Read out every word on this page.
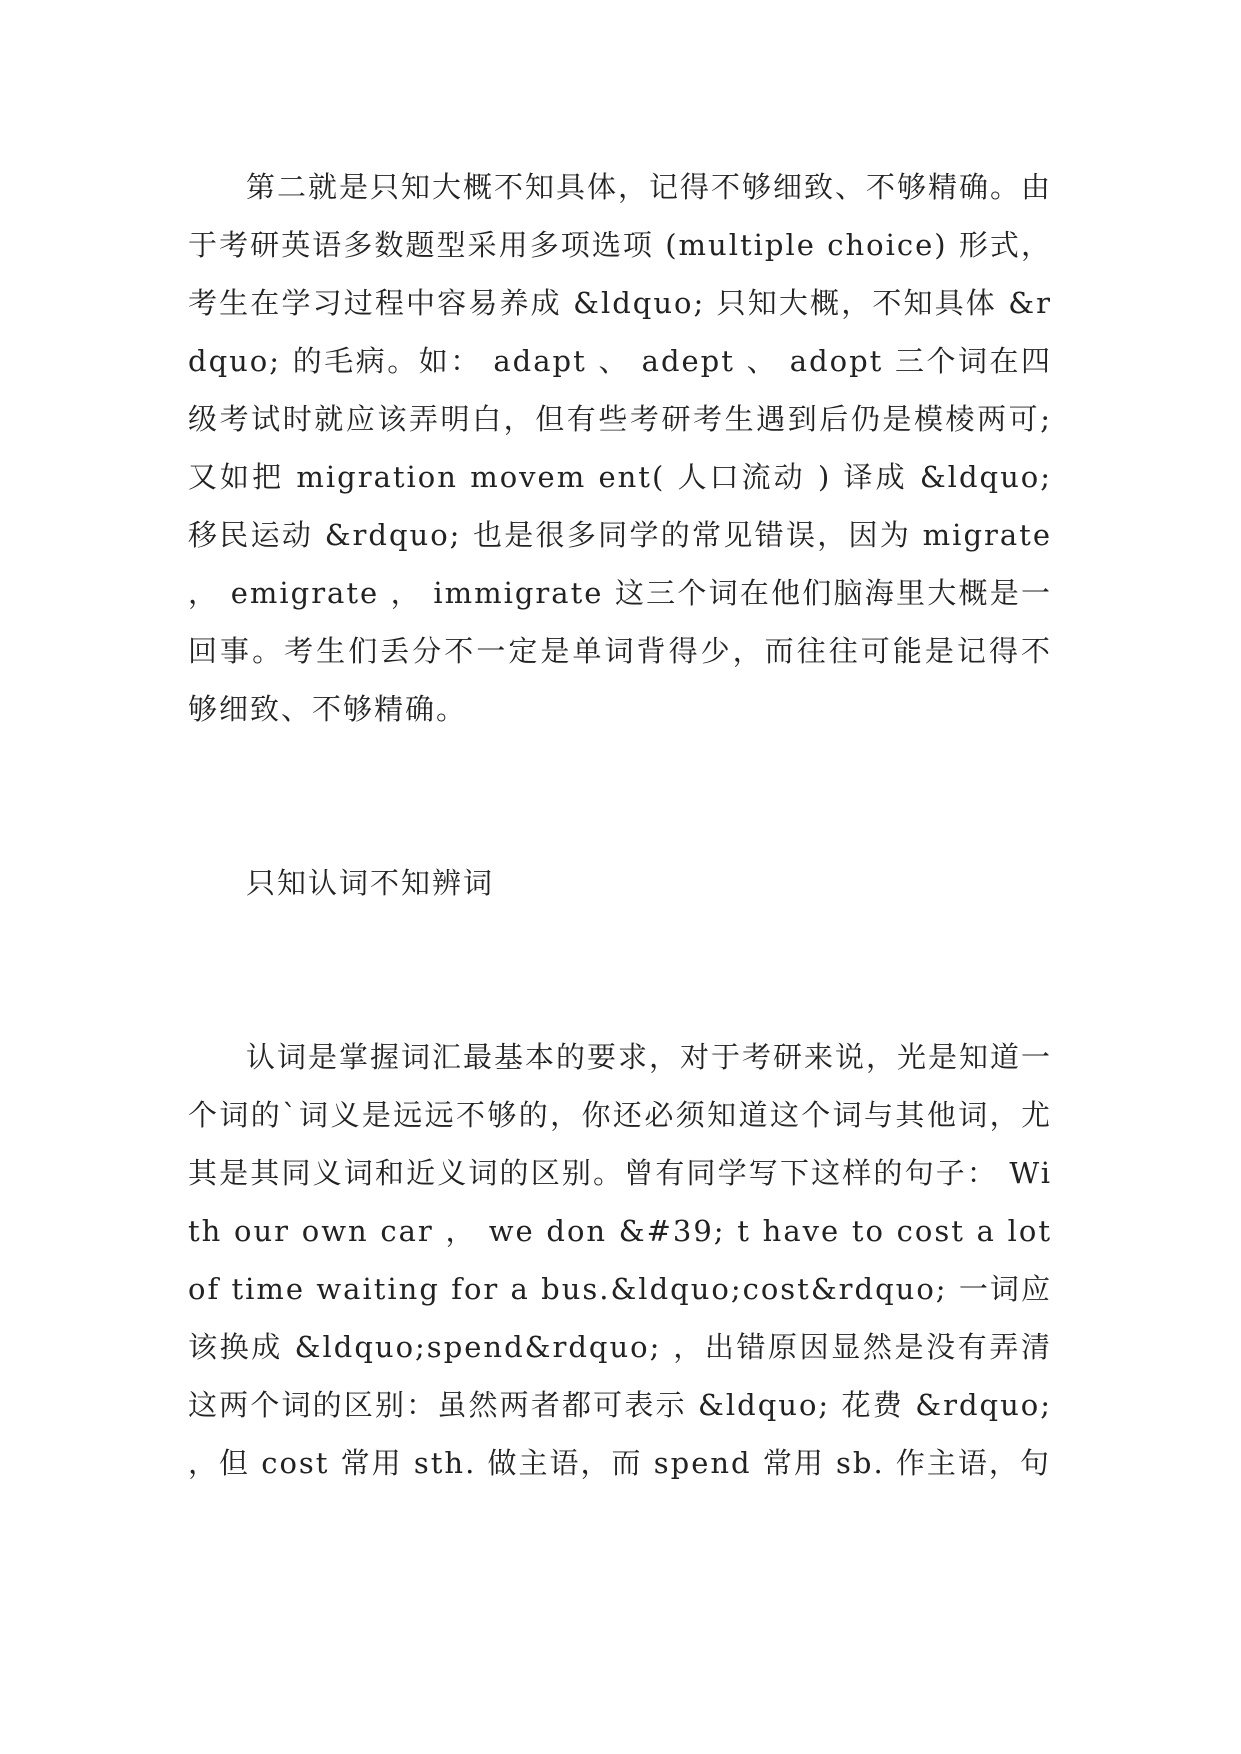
第二就是只知大概不知具体，记得不够细致、不够精确。由于考研英语多数题型采用多项选项 (multiple choice) 形式，考生在学习过程中容易养成 &ldquo; 只知大概，不知具体 &rdquo; 的毛病。如： adapt 、 adept 、 adopt 三个词在四级考试时就应该弄明白，但有些考研考生遇到后仍是模棱两可;又如把 migration movem ent( 人口流动 ) 译成 &ldquo; 移民运动 &rdquo; 也是很多同学的常见错误，因为 migrate ， emigrate ， immigrate 这三个词在他们脑海里大概是一回事。考生们丢分不一定是单词背得少，而往往可能是记得不够细致、不够精确。

只知认词不知辨词

认词是掌握词汇最基本的要求，对于考研来说，光是知道一个词的`词义是远远不够的，你还必须知道这个词与其他词，尤其是其同义词和近义词的区别。曾有同学写下这样的句子： With our own car ， we don &#39; t have to cost a lot of time waiting for a bus.&ldquo;cost&rdquo; 一词应该换成 &ldquo;spend&rdquo; ，出错原因显然是没有弄清这两个词的区别：虽然两者都可表示 &ldquo; 花费 &rdquo; ，但 cost 常用 sth. 做主语，而 spend 常用 sb. 作主语，句
